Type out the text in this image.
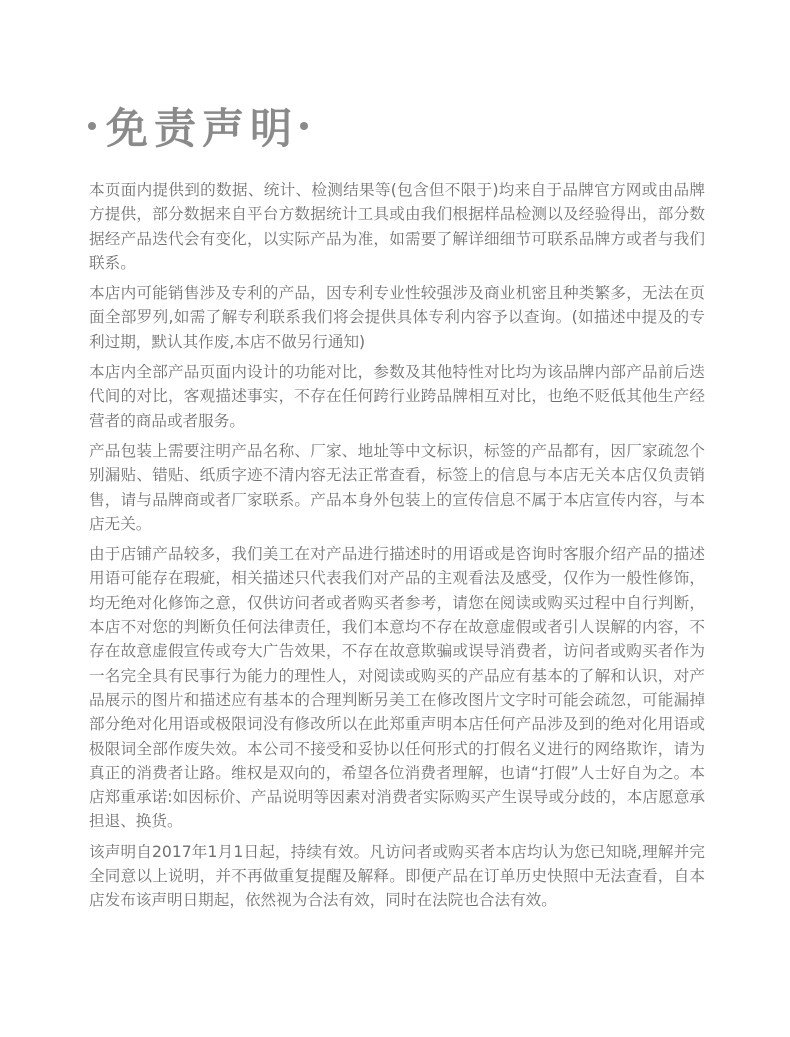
免责声明

本页面内提供到的数据、统计、检测结果等(包含但不限于)均来自于品牌官方网或由品牌方提供，部分数据来自平台方数据统计工具或由我们根据样品检测以及经验得出，部分数据经产品迭代会有变化，以实际产品为准，如需要了解详细细节可联系品牌方或者与我们联系。

本店内可能销售涉及专利的产品，因专利专业性较强涉及商业机密且种类繁多，无法在页面全部罗列,如需了解专利联系我们将会提供具体专利内容予以查询。(如描述中提及的专利过期，默认其作废,本店不做另行通知)

本店内全部产品页面内设计的功能对比，参数及其他特性对比均为该品牌内部产品前后迭代间的对比，客观描述事实，不存在任何跨行业跨品牌相互对比，也绝不贬低其他生产经营者的商品或者服务。

产品包装上需要注明产品名称、厂家、地址等中文标识，标签的产品都有，因厂家疏忽个别漏贴、错贴、纸质字迹不清内容无法正常查看，标签上的信息与本店无关本店仅负责销售，请与品牌商或者厂家联系。产品本身外包装上的宣传信息不属于本店宣传内容，与本店无关。

由于店铺产品较多，我们美工在对产品进行描述时的用语或是咨询时客服介绍产品的描述用语可能存在瑕疵，相关描述只代表我们对产品的主观看法及感受，仅作为一般性修饰，均无绝对化修饰之意，仅供访问者或者购买者参考，请您在阅读或购买过程中自行判断，本店不对您的判断负任何法律责任，我们本意均不存在故意虚假或者引人误解的内容，不存在故意虚假宣传或夸大广告效果，不存在故意欺骗或误导消费者，访问者或购买者作为一名完全具有民事行为能力的理性人，对阅读或购买的产品应有基本的了解和认识，对产品展示的图片和描述应有基本的合理判断另美工在修改图片文字时可能会疏忽，可能漏掉部分绝对化用语或极限词没有修改所以在此郑重声明本店任何产品涉及到的绝对化用语或极限词全部作废失效。本公司不接受和妥协以任何形式的打假名义进行的网络欺诈，请为真正的消费者让路。维权是双向的，希望各位消费者理解，也请“打假”人士好自为之。本店郑重承诺:如因标价、产品说明等因素对消费者实际购买产生误导或分歧的，本店愿意承担退、换货。

该声明自2017年1月1日起，持续有效。凡访问者或购买者本店均认为您已知晓,理解并完全同意以上说明，并不再做重复提醒及解释。即便产品在订单历史快照中无法查看，自本店发布该声明日期起，依然视为合法有效，同时在法院也合法有效。
